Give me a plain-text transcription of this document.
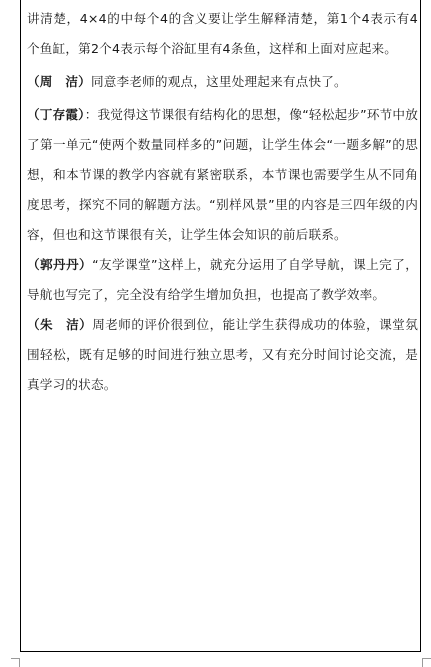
讲清楚，4×4的中每个4的含义要让学生解释清楚，第1个4表示有4个鱼缸，第2个4表示每个浴缸里有4条鱼，这样和上面对应起来。

（周　洁）同意李老师的观点，这里处理起来有点快了。

（丁存霞）：我觉得这节课很有结构化的思想，像“轻松起步”环节中放了第一单元“使两个数量同样多的”问题，让学生体会“一题多解”的思想，和本节课的教学内容就有紧密联系，本节课也需要学生从不同角度思考，探究不同的解题方法。“别样风景”里的内容是三四年级的内容，但也和这节课很有关，让学生体会知识的前后联系。

（郭丹丹）“友学课堂”这样上，就充分运用了自学导航，课上完了，导航也写完了，完全没有给学生增加负担，也提高了教学效率。

（朱　洁）周老师的评价很到位，能让学生获得成功的体验，课堂氛围轻松，既有足够的时间进行独立思考，又有充分时间讨论交流，是真学习的状态。
